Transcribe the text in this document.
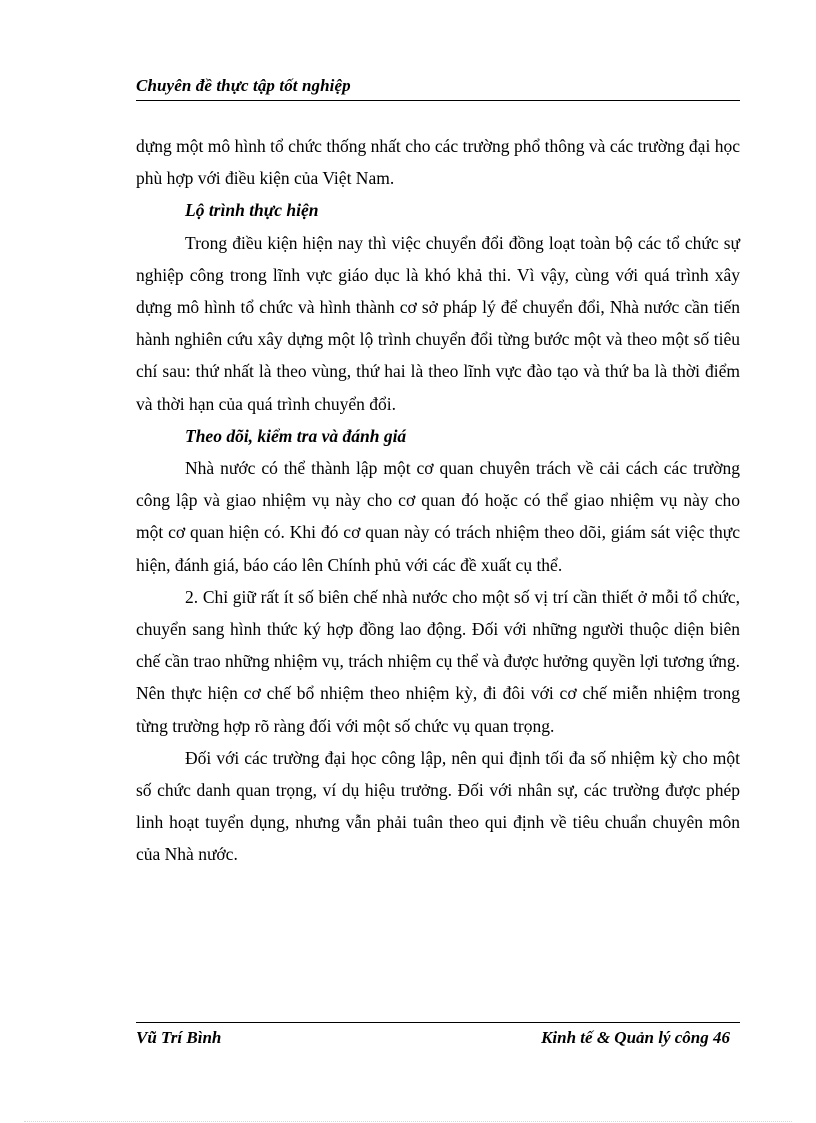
Chuyên đề thực tập tốt nghiệp

dựng một mô hình tổ chức thống nhất cho các trường phổ thông và các trường đại học phù hợp với điều kiện của Việt Nam.

Lộ trình thực hiện

Trong điều kiện hiện nay thì việc chuyển đổi đồng loạt toàn bộ các tổ chức sự nghiệp công trong lĩnh vực giáo dục là khó khả thi. Vì vậy, cùng với quá trình xây dựng mô hình tổ chức và hình thành cơ sở pháp lý để chuyển đổi, Nhà nước cần tiến hành nghiên cứu xây dựng một lộ trình chuyển đổi từng bước một và theo một số tiêu chí sau: thứ nhất là theo vùng, thứ hai là theo lĩnh vực đào tạo và thứ ba là thời điểm và thời hạn của quá trình chuyển đổi.

Theo dõi, kiểm tra và đánh giá

Nhà nước có thể thành lập một cơ quan chuyên trách về cải cách các trường công lập và giao nhiệm vụ này cho cơ quan đó hoặc có thể giao nhiệm vụ này cho một cơ quan hiện có. Khi đó cơ quan này có trách nhiệm theo dõi, giám sát việc thực hiện, đánh giá, báo cáo lên Chính phủ với các đề xuất cụ thể.

2. Chỉ giữ rất ít số biên chế nhà nước cho một số vị trí cần thiết ở mỗi tổ chức, chuyển sang hình thức ký hợp đồng lao động. Đối với những người thuộc diện biên chế cần trao những nhiệm vụ, trách nhiệm cụ thể và được hưởng quyền lợi tương ứng. Nên thực hiện cơ chế bổ nhiệm theo nhiệm kỳ, đi đôi với cơ chế miễn nhiệm trong từng trường hợp rõ ràng đối với một số chức vụ quan trọng.

Đối với các trường đại học công lập, nên qui định tối đa số nhiệm kỳ cho một số chức danh quan trọng, ví dụ hiệu trưởng. Đối với nhân sự, các trường được phép linh hoạt tuyển dụng, nhưng vẫn phải tuân theo qui định về tiêu chuẩn chuyên môn của Nhà nước.

Vũ Trí Bình	Kinh tế & Quản lý công 46
